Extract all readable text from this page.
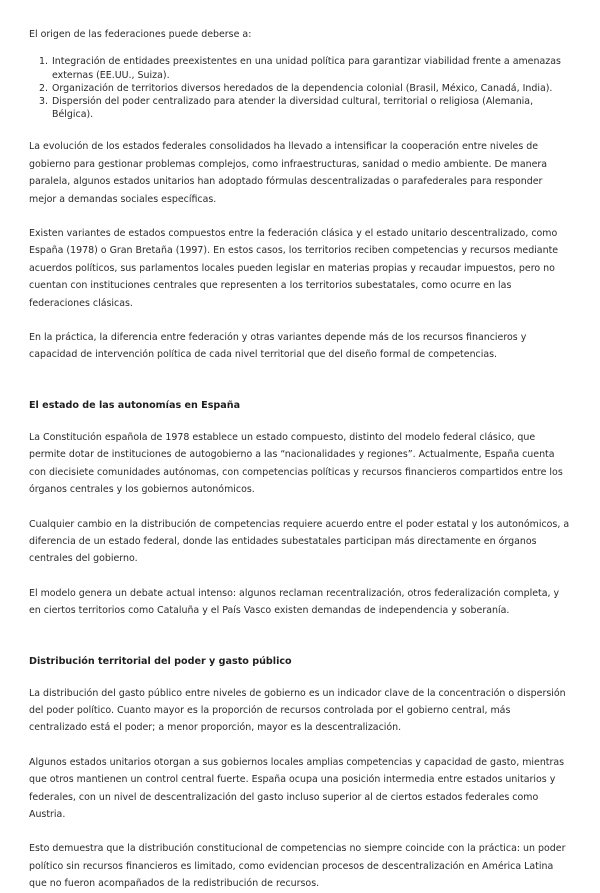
El origen de las federaciones puede deberse a:

1. Integración de entidades preexistentes en una unidad política para garantizar viabilidad frente a amenazas externas (EE.UU., Suiza).
2. Organización de territorios diversos heredados de la dependencia colonial (Brasil, México, Canadá, India).
3. Dispersión del poder centralizado para atender la diversidad cultural, territorial o religiosa (Alemania, Bélgica).

La evolución de los estados federales consolidados ha llevado a intensificar la cooperación entre niveles de gobierno para gestionar problemas complejos, como infraestructuras, sanidad o medio ambiente. De manera paralela, algunos estados unitarios han adoptado fórmulas descentralizadas o parafederales para responder mejor a demandas sociales específicas.

Existen variantes de estados compuestos entre la federación clásica y el estado unitario descentralizado, como España (1978) o Gran Bretaña (1997). En estos casos, los territorios reciben competencias y recursos mediante acuerdos políticos, sus parlamentos locales pueden legislar en materias propias y recaudar impuestos, pero no cuentan con instituciones centrales que representen a los territorios subestatales, como ocurre en las federaciones clásicas.

En la práctica, la diferencia entre federación y otras variantes depende más de los recursos financieros y capacidad de intervención política de cada nivel territorial que del diseño formal de competencias.

El estado de las autonomías en España

La Constitución española de 1978 establece un estado compuesto, distinto del modelo federal clásico, que permite dotar de instituciones de autogobierno a las “nacionalidades y regiones”. Actualmente, España cuenta con diecisiete comunidades autónomas, con competencias políticas y recursos financieros compartidos entre los órganos centrales y los gobiernos autonómicos.

Cualquier cambio en la distribución de competencias requiere acuerdo entre el poder estatal y los autonómicos, a diferencia de un estado federal, donde las entidades subestatales participan más directamente en órganos centrales del gobierno.

El modelo genera un debate actual intenso: algunos reclaman recentralización, otros federalización completa, y en ciertos territorios como Cataluña y el País Vasco existen demandas de independencia y soberanía.

Distribución territorial del poder y gasto público

La distribución del gasto público entre niveles de gobierno es un indicador clave de la concentración o dispersión del poder político. Cuanto mayor es la proporción de recursos controlada por el gobierno central, más centralizado está el poder; a menor proporción, mayor es la descentralización.

Algunos estados unitarios otorgan a sus gobiernos locales amplias competencias y capacidad de gasto, mientras que otros mantienen un control central fuerte. España ocupa una posición intermedia entre estados unitarios y federales, con un nivel de descentralización del gasto incluso superior al de ciertos estados federales como Austria.

Esto demuestra que la distribución constitucional de competencias no siempre coincide con la práctica: un poder político sin recursos financieros es limitado, como evidencian procesos de descentralización en América Latina que no fueron acompañados de la redistribución de recursos.
